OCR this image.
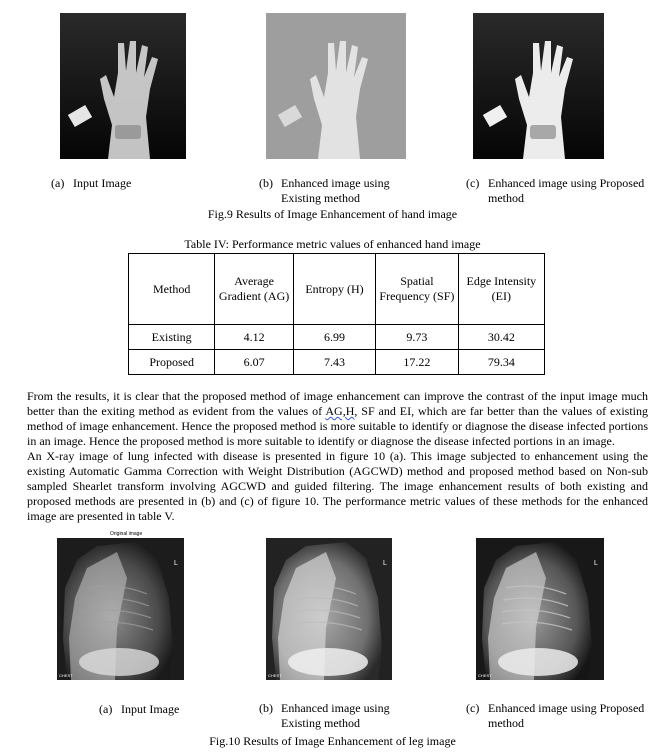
(a) Input Image	(b) Enhanced image using Existing method
(c) Enhanced image using Proposed method
Fig.9 Results of Image Enhancement of hand image
Table IV: Performance metric values of enhanced hand image
Method	Average Gradient (AG)	Entropy (H)	Spatial Frequency (SF)	Edge Intensity (EI)
Existing	4.12	6.99	9.73	30.42
Proposed	6.07	7.43	17.22	79.34
From the results, it is clear that the proposed method of image enhancement can improve the contrast of the input image much better than the exiting method as evident from the values of AG,H, SF and EI, which are far better than the values of existing method of image enhancement. Hence the proposed method is more suitable to identify or diagnose the disease infected portions in an image. Hence the proposed method is more suitable to identify or diagnose the disease infected portions in an image.
An X-ray image of lung infected with disease is presented in figure 10 (a). This image subjected to enhancement using the existing Automatic Gamma Correction with Weight Distribution (AGCWD) method and proposed method based on Non-sub sampled Shearlet transform involving AGCWD and guided filtering. The image enhancement results of both existing and proposed methods are presented in (b) and (c) of figure 10. The performance metric values of these methods for the enhanced image are presented in table V.
Original image
L	L	L
CHEST	CHEST	CHEST
(a) Input Image	(b) Enhanced image using Existing method
(c) Enhanced image using Proposed method
Fig.10 Results of Image Enhancement of leg image
